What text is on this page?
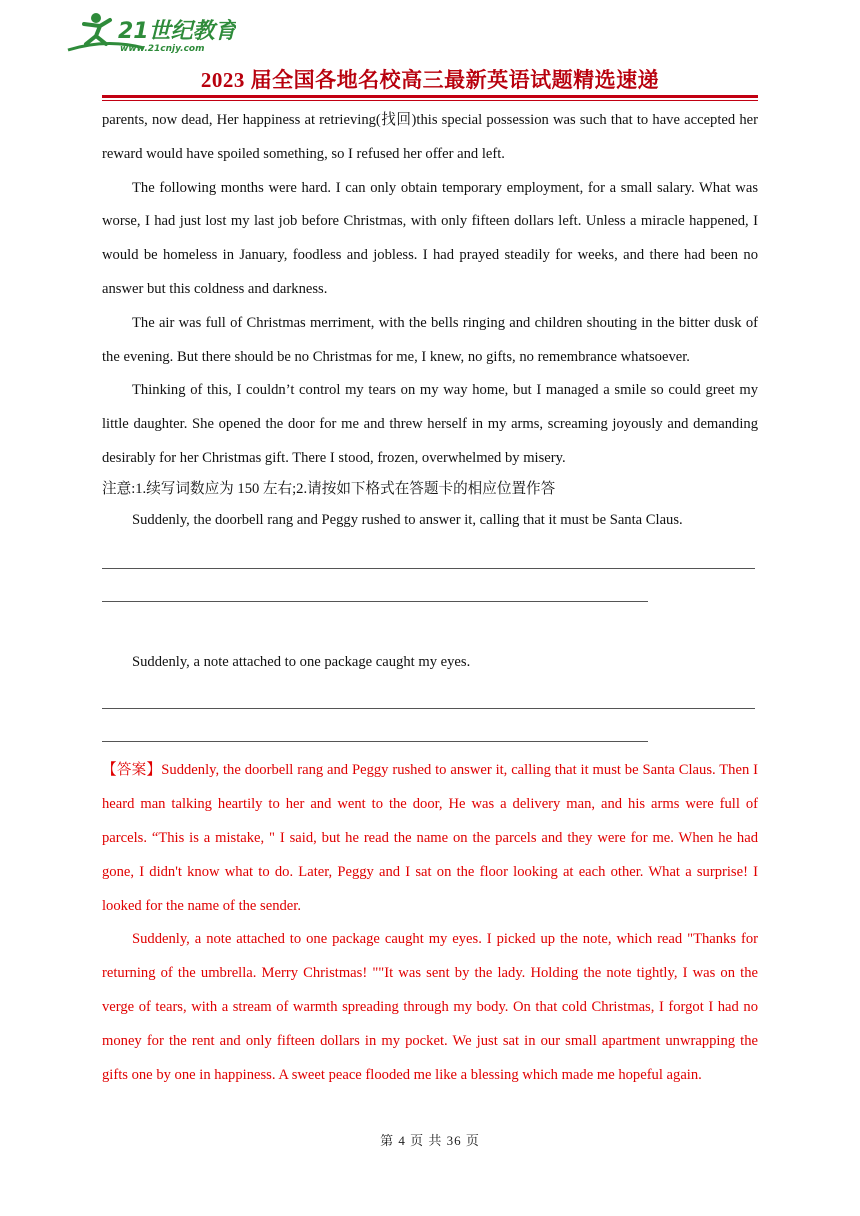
21世纪教育
www.21cnjy.com
2023 届全国各地名校高三最新英语试题精选速递

parents, now dead, Her happiness at retrieving(找回)this special possession was such that to have accepted her reward would have spoiled something, so I refused her offer and left.

The following months were hard. I can only obtain temporary employment, for a small salary. What was worse, I had just lost my last job before Christmas, with only fifteen dollars left. Unless a miracle happened, I would be homeless in January, foodless and jobless. I had prayed steadily for weeks, and there had been no answer but this coldness and darkness.

The air was full of Christmas merriment, with the bells ringing and children shouting in the bitter dusk of the evening. But there should be no Christmas for me, I knew, no gifts, no remembrance whatsoever.

Thinking of this, I couldn’t control my tears on my way home, but I managed a smile so could greet my little daughter. She opened the door for me and threw herself in my arms, screaming joyously and demanding desirably for her Christmas gift. There I stood, frozen, overwhelmed by misery.

注意:1.续写词数应为 150 左右;2.请按如下格式在答题卡的相应位置作答

Suddenly, the doorbell rang and Peggy rushed to answer it, calling that it must be Santa Claus.

Suddenly, a note attached to one package caught my eyes.

【答案】Suddenly, the doorbell rang and Peggy rushed to answer it, calling that it must be Santa Claus. Then I heard man talking heartily to her and went to the door, He was a delivery man, and his arms were full of parcels. “This is a mistake, " I said, but he read the name on the parcels and they were for me. When he had gone, I didn't know what to do. Later, Peggy and I sat on the floor looking at each other. What a surprise! I looked for the name of the sender.

Suddenly, a note attached to one package caught my eyes. I picked up the note, which read "Thanks for returning of the umbrella. Merry Christmas! ""It was sent by the lady. Holding the note tightly, I was on the verge of tears, with a stream of warmth spreading through my body. On that cold Christmas, I forgot I had no money for the rent and only fifteen dollars in my pocket. We just sat in our small apartment unwrapping the gifts one by one in happiness. A sweet peace flooded me like a blessing which made me hopeful again.

第 4 页 共 36 页
